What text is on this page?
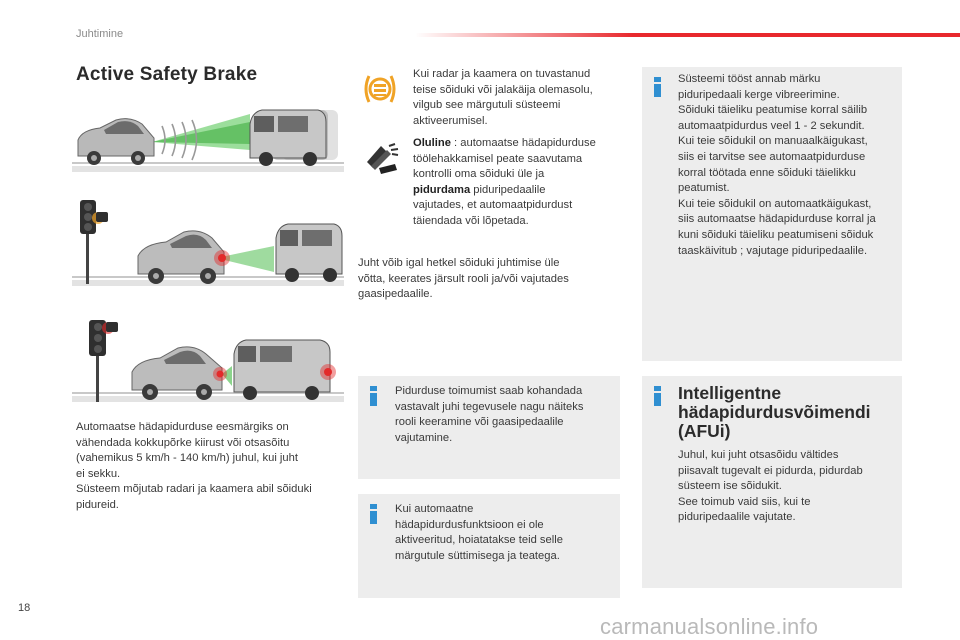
Juhtimine
Active Safety Brake
Automaatse hädapidurduse eesmärgiks on
vähendada kokkupõrke kiirust või otsasõitu
(vahemikus 5 km/h - 140 km/h) juhul, kui juht
ei sekku.
Süsteem mõjutab radari ja kaamera abil sõiduki
pidureid.
Kui radar ja kaamera on tuvastanud
teise sõiduki või jalakäija olemasolu,
vilgub see märgutuli süsteemi
aktiveerumisel.
Oluline : automaatse hädapidurduse
töölehakkamisel peate saavutama
kontrolli oma sõiduki üle ja
pidurdama piduripedaalile
vajutades, et automaatpidurdust
täiendada või lõpetada.
Juht võib igal hetkel sõiduki juhtimise üle
võtta, keerates järsult rooli ja/või vajutades
gaasipedaalile.
Pidurduse toimumist saab kohandada
vastavalt juhi tegevusele nagu näiteks
rooli keeramine või gaasipedaalile
vajutamine.
Kui automaatne
hädapidurdusfunktsioon ei ole
aktiveeritud, hoiatatakse teid selle
märgutule süttimisega ja teatega.
Süsteemi tööst annab märku
piduripedaali kerge vibreerimine.
Sõiduki täieliku peatumise korral säilib
automaatpidurdus veel 1 - 2 sekundit.
Kui teie sõidukil on manuaalkäigukast,
siis ei tarvitse see automaatpidurduse
korral töötada enne sõiduki täielikku
peatumist.
Kui teie sõidukil on automaatkäigukast,
siis automaatse hädapidurduse korral ja
kuni sõiduki täieliku peatumiseni sõiduk
taaskäivitub ; vajutage piduripedaalile.
Intelligentne
hädapidurdusvõimendi
(AFUi)
Juhul, kui juht otsasõidu vältides
piisavalt tugevalt ei pidurda, pidurdab
süsteem ise sõidukit.
See toimub vaid siis, kui te
piduripedaalile vajutate.
18
carmanualsonline.info
